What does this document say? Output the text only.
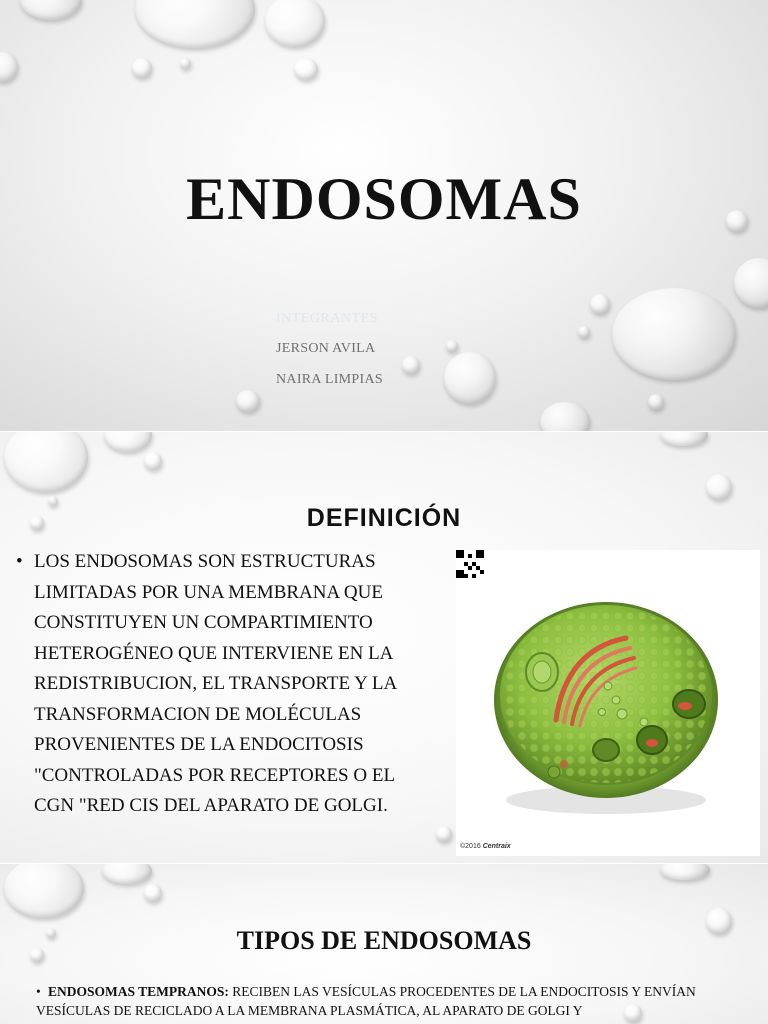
ENDOSOMAS
INTEGRANTES
JERSON AVILA
NAIRA LIMPIAS
DEFINICIÓN

• LOS ENDOSOMAS SON ESTRUCTURAS LIMITADAS POR UNA MEMBRANA QUE CONSTITUYEN UN COMPARTIMIENTO HETEROGÉNEO QUE INTERVIENE EN LA REDISTRIBUCION, EL TRANSPORTE Y LA TRANSFORMACION DE MOLÉCULAS PROVENIENTES DE LA ENDOCITOSIS "CONTROLADAS POR RECEPTORES O EL CGN "RED CIS DEL APARATO DE GOLGI.

©2016 Centraix
TIPOS DE ENDOSOMAS

• ENDOSOMAS TEMPRANOS: RECIBEN LAS VESÍCULAS PROCEDENTES DE LA ENDOCITOSIS Y ENVÍAN VESÍCULAS DE RECICLADO A LA MEMBRANA PLASMÁTICA, AL APARATO DE GOLGI Y
